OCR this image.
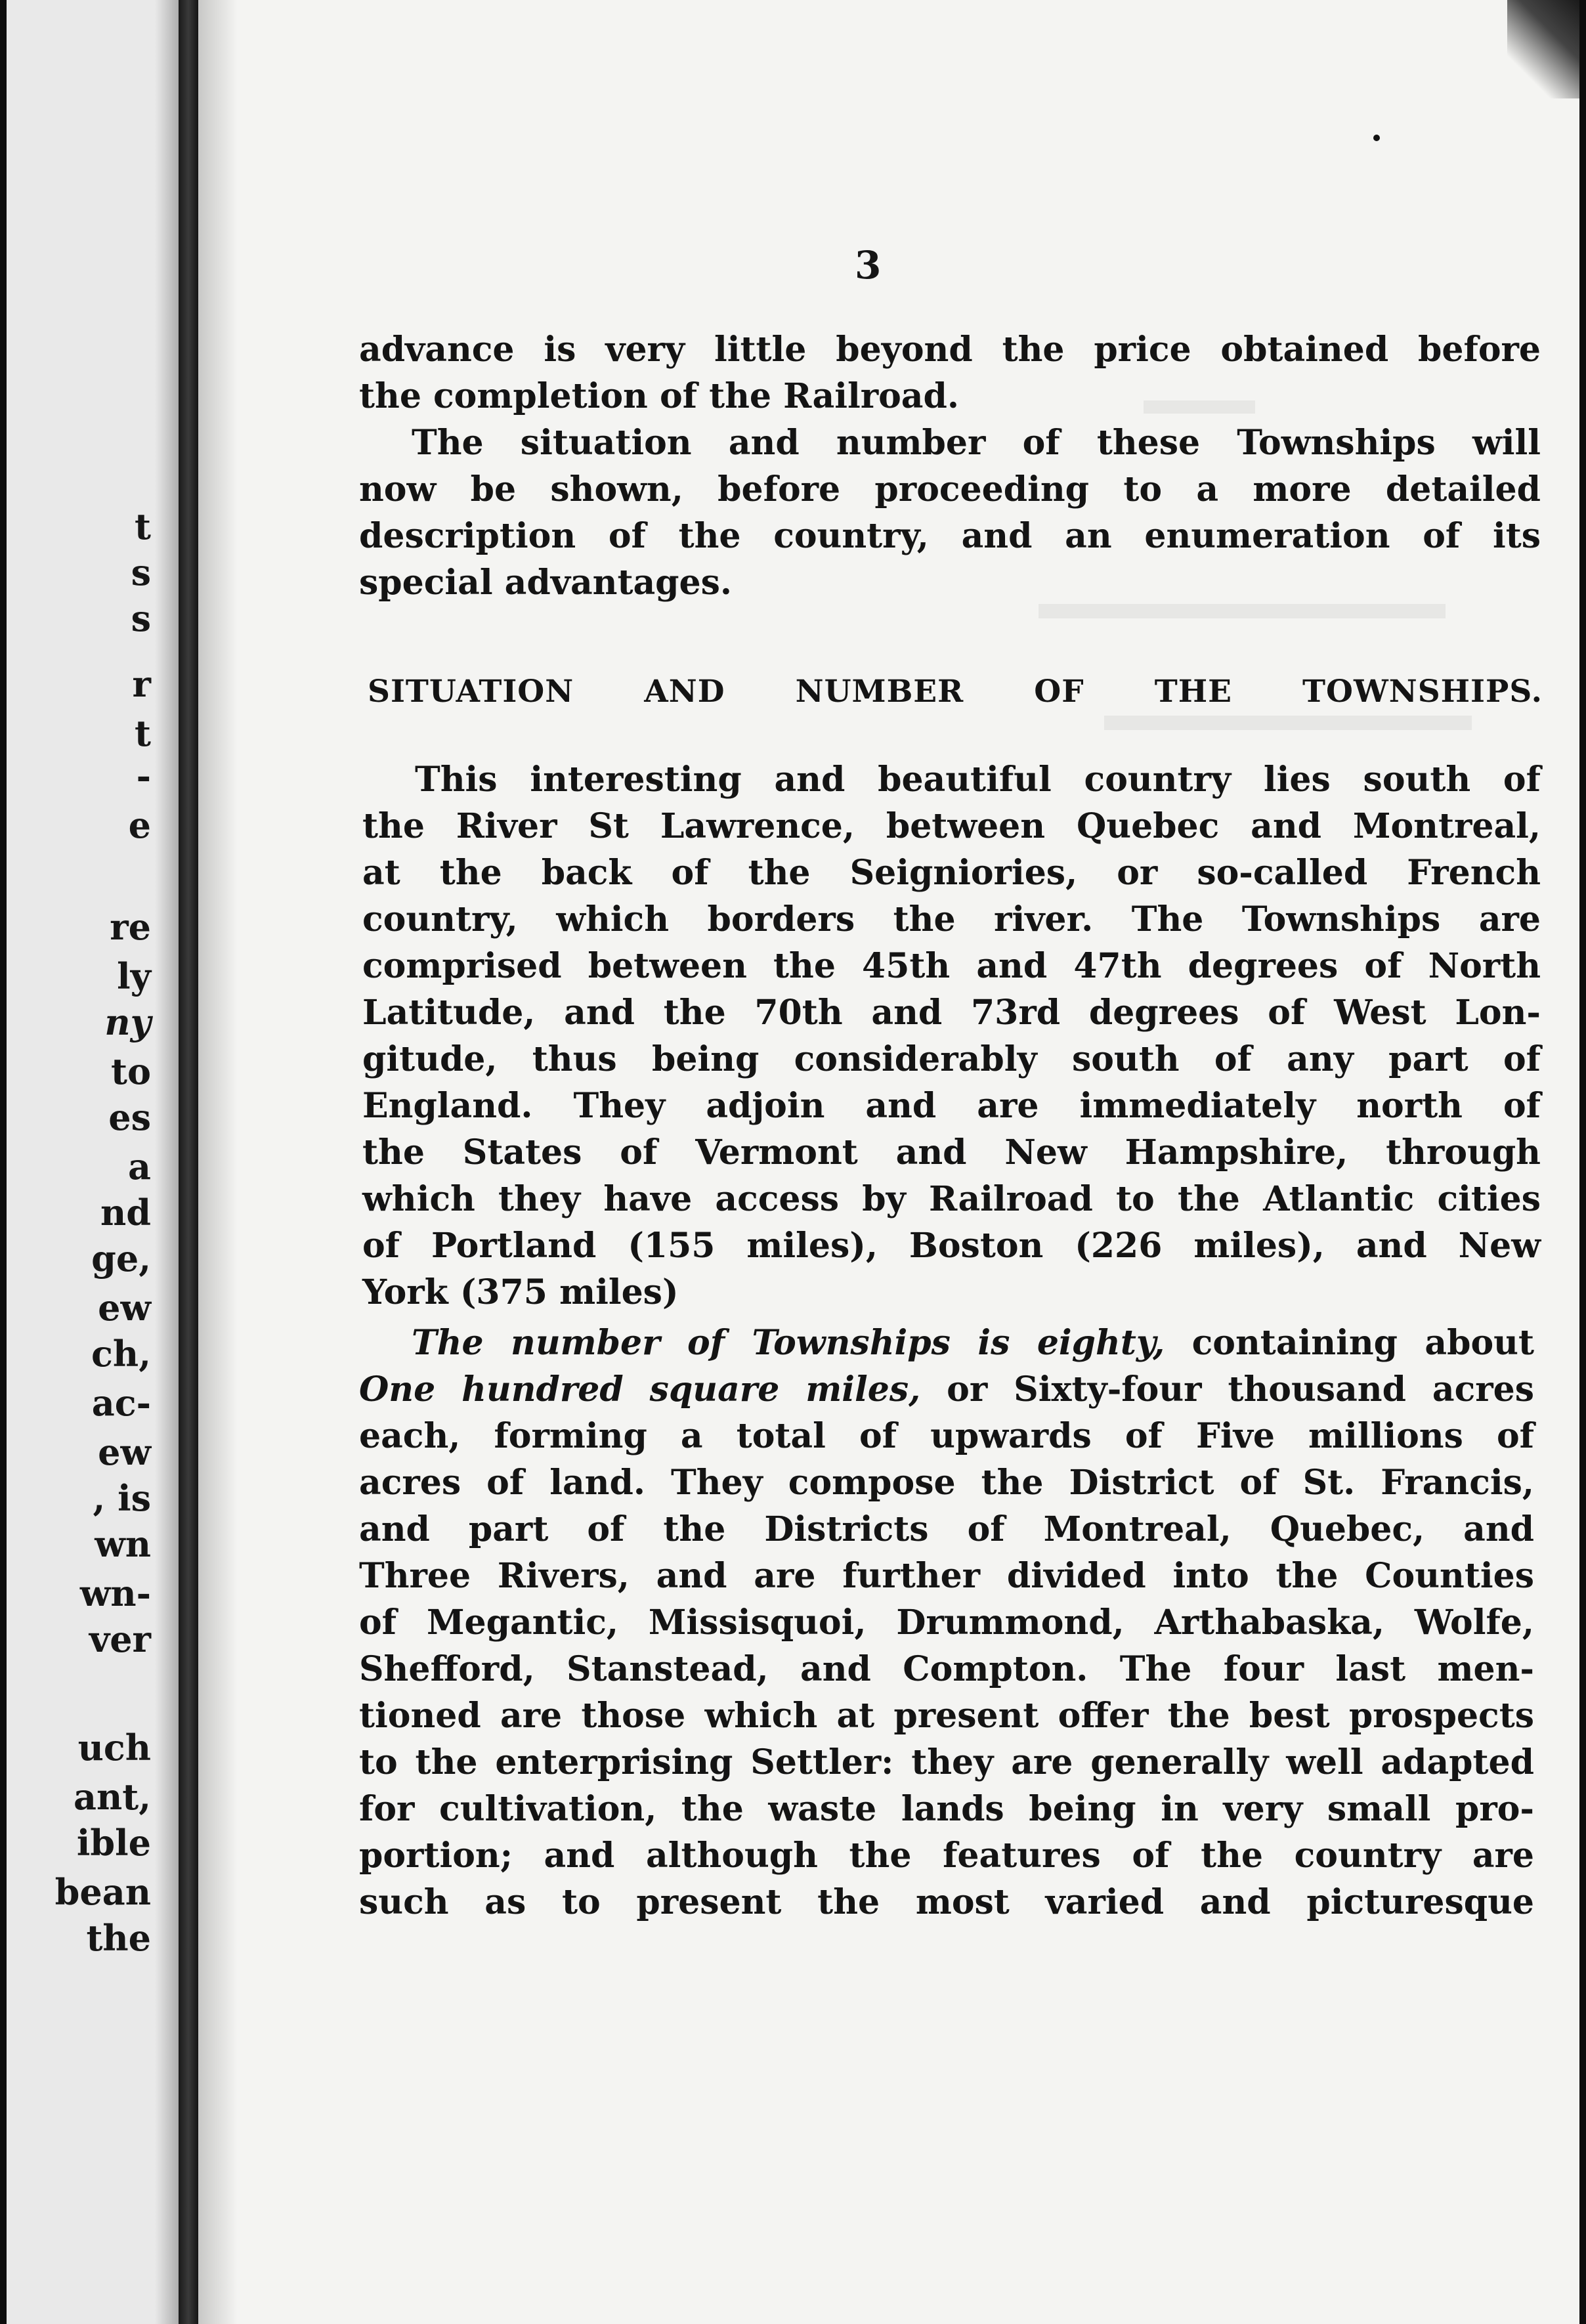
t
s
s
r
t
-
e
re
ly
ny
to
es
a
nd
ge,
ew
ch,
ac-
ew
, is
wn
wn-
ver
uch
ant,
ible
bean
the
3
advance is very little beyond the price obtained before
the completion of the Railroad.
The situation and number of these Townships will
now be shown, before proceeding to a more detailed
description of the country, and an enumeration of its
special advantages.
SITUATION AND NUMBER OF THE TOWNSHIPS.
This interesting and beautiful country lies south of
the River St Lawrence, between Quebec and Montreal,
at the back of the Seigniories, or so-called French
country, which borders the river. The Townships are
comprised between the 45th and 47th degrees of North
Latitude, and the 70th and 73rd degrees of West Lon-
gitude, thus being considerably south of any part of
England. They adjoin and are immediately north of
the States of Vermont and New Hampshire, through
which they have access by Railroad to the Atlantic cities
of Portland (155 miles), Boston (226 miles), and New
York (375 miles)
The number of Townships is eighty, containing about
One hundred square miles, or Sixty-four thousand acres
each, forming a total of upwards of Five millions of
acres of land. They compose the District of St. Francis,
and part of the Districts of Montreal, Quebec, and
Three Rivers, and are further divided into the Counties
of Megantic, Missisquoi, Drummond, Arthabaska, Wolfe,
Shefford, Stanstead, and Compton. The four last men-
tioned are those which at present offer the best prospects
to the enterprising Settler: they are generally well adapted
for cultivation, the waste lands being in very small pro-
portion; and although the features of the country are
such as to present the most varied and picturesque
